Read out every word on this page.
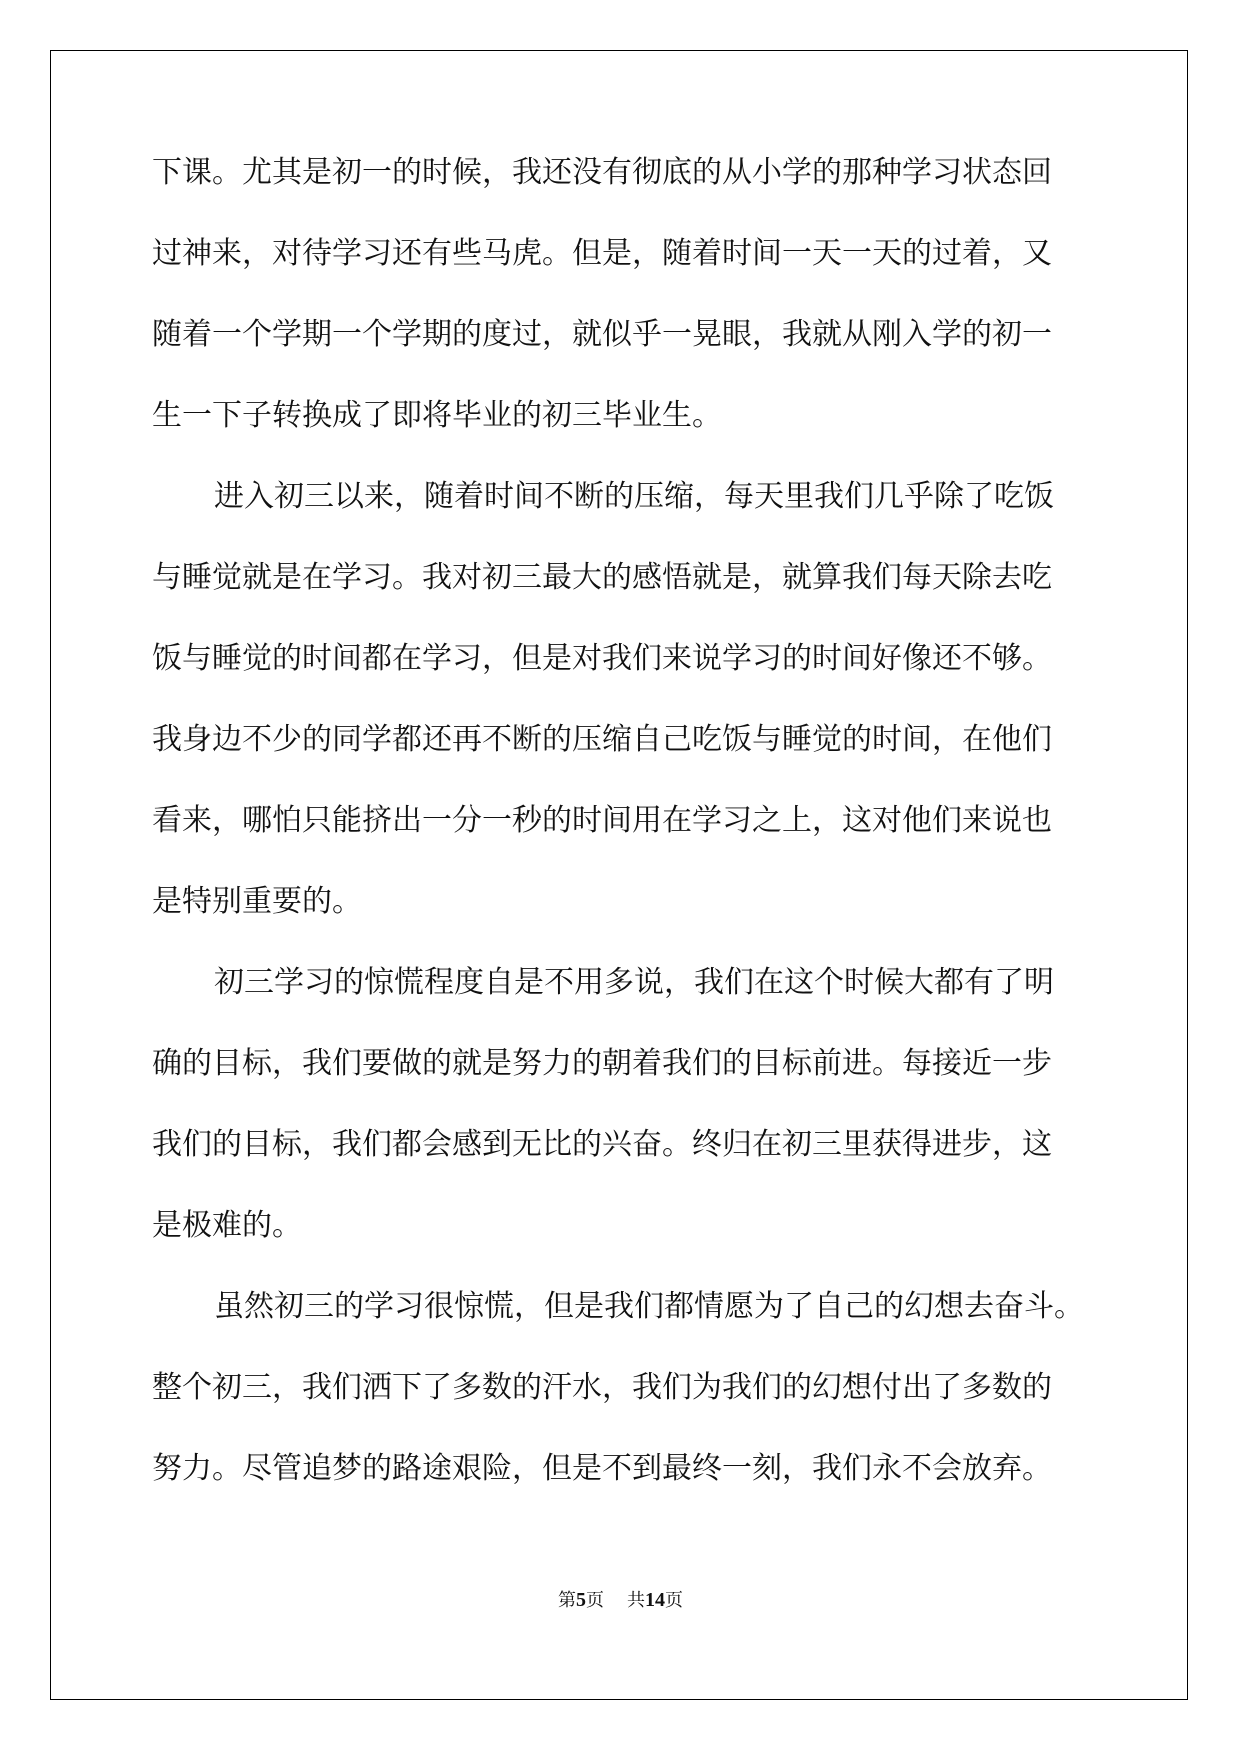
下课。尤其是初一的时候，我还没有彻底的从小学的那种学习状态回
过神来，对待学习还有些马虎。但是，随着时间一天一天的过着，又
随着一个学期一个学期的度过，就似乎一晃眼，我就从刚入学的初一
生一下子转换成了即将毕业的初三毕业生。
进入初三以来，随着时间不断的压缩，每天里我们几乎除了吃饭
与睡觉就是在学习。我对初三最大的感悟就是，就算我们每天除去吃
饭与睡觉的时间都在学习，但是对我们来说学习的时间好像还不够。
我身边不少的同学都还再不断的压缩自己吃饭与睡觉的时间，在他们
看来，哪怕只能挤出一分一秒的时间用在学习之上，这对他们来说也
是特别重要的。
初三学习的惊慌程度自是不用多说，我们在这个时候大都有了明
确的目标，我们要做的就是努力的朝着我们的目标前进。每接近一步
我们的目标，我们都会感到无比的兴奋。终归在初三里获得进步，这
是极难的。
虽然初三的学习很惊慌，但是我们都情愿为了自己的幻想去奋斗。
整个初三，我们洒下了多数的汗水，我们为我们的幻想付出了多数的
努力。尽管追梦的路途艰险，但是不到最终一刻，我们永不会放弃。
第5页 共14页
